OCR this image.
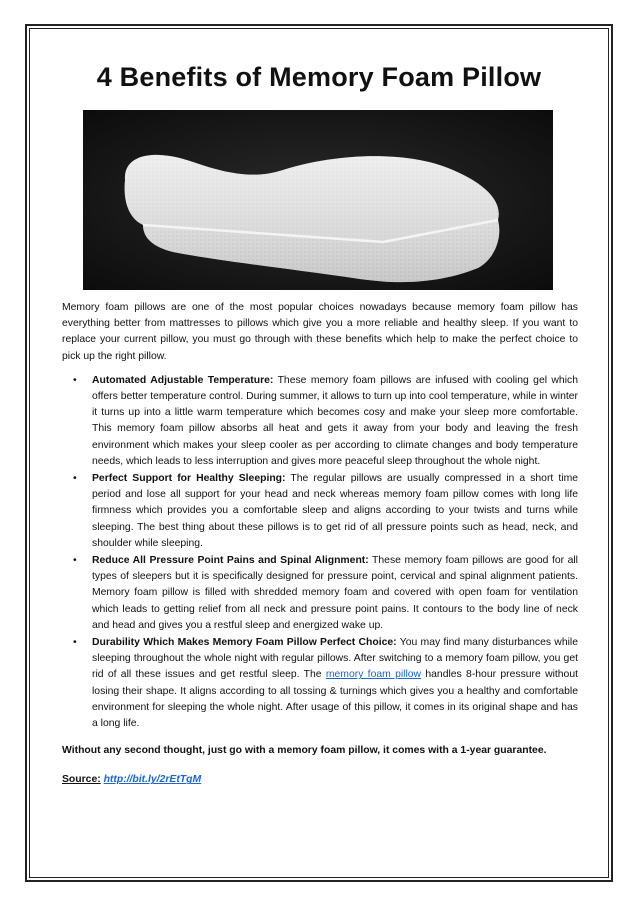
4 Benefits of Memory Foam Pillow

Memory foam pillows are one of the most popular choices nowadays because memory foam pillow has everything better from mattresses to pillows which give you a more reliable and healthy sleep. If you want to replace your current pillow, you must go through with these benefits which help to make the perfect choice to pick up the right pillow.

• Automated Adjustable Temperature: These memory foam pillows are infused with cooling gel which offers better temperature control. During summer, it allows to turn up into cool temperature, while in winter it turns up into a little warm temperature which becomes cosy and make your sleep more comfortable. This memory foam pillow absorbs all heat and gets it away from your body and leaving the fresh environment which makes your sleep cooler as per according to climate changes and body temperature needs, which leads to less interruption and gives more peaceful sleep throughout the whole night.
• Perfect Support for Healthy Sleeping: The regular pillows are usually compressed in a short time period and lose all support for your head and neck whereas memory foam pillow comes with long life firmness which provides you a comfortable sleep and aligns according to your twists and turns while sleeping. The best thing about these pillows is to get rid of all pressure points such as head, neck, and shoulder while sleeping.
• Reduce All Pressure Point Pains and Spinal Alignment: These memory foam pillows are good for all types of sleepers but it is specifically designed for pressure point, cervical and spinal alignment patients. Memory foam pillow is filled with shredded memory foam and covered with open foam for ventilation which leads to getting relief from all neck and pressure point pains. It contours to the body line of neck and head and gives you a restful sleep and energized wake up.
• Durability Which Makes Memory Foam Pillow Perfect Choice: You may find many disturbances while sleeping throughout the whole night with regular pillows. After switching to a memory foam pillow, you get rid of all these issues and get restful sleep. The memory foam pillow handles 8-hour pressure without losing their shape. It aligns according to all tossing & turnings which gives you a healthy and comfortable environment for sleeping the whole night. After usage of this pillow, it comes in its original shape and has a long life.

Without any second thought, just go with a memory foam pillow, it comes with a 1-year guarantee.

Source: http://bit.ly/2rEtTgM
